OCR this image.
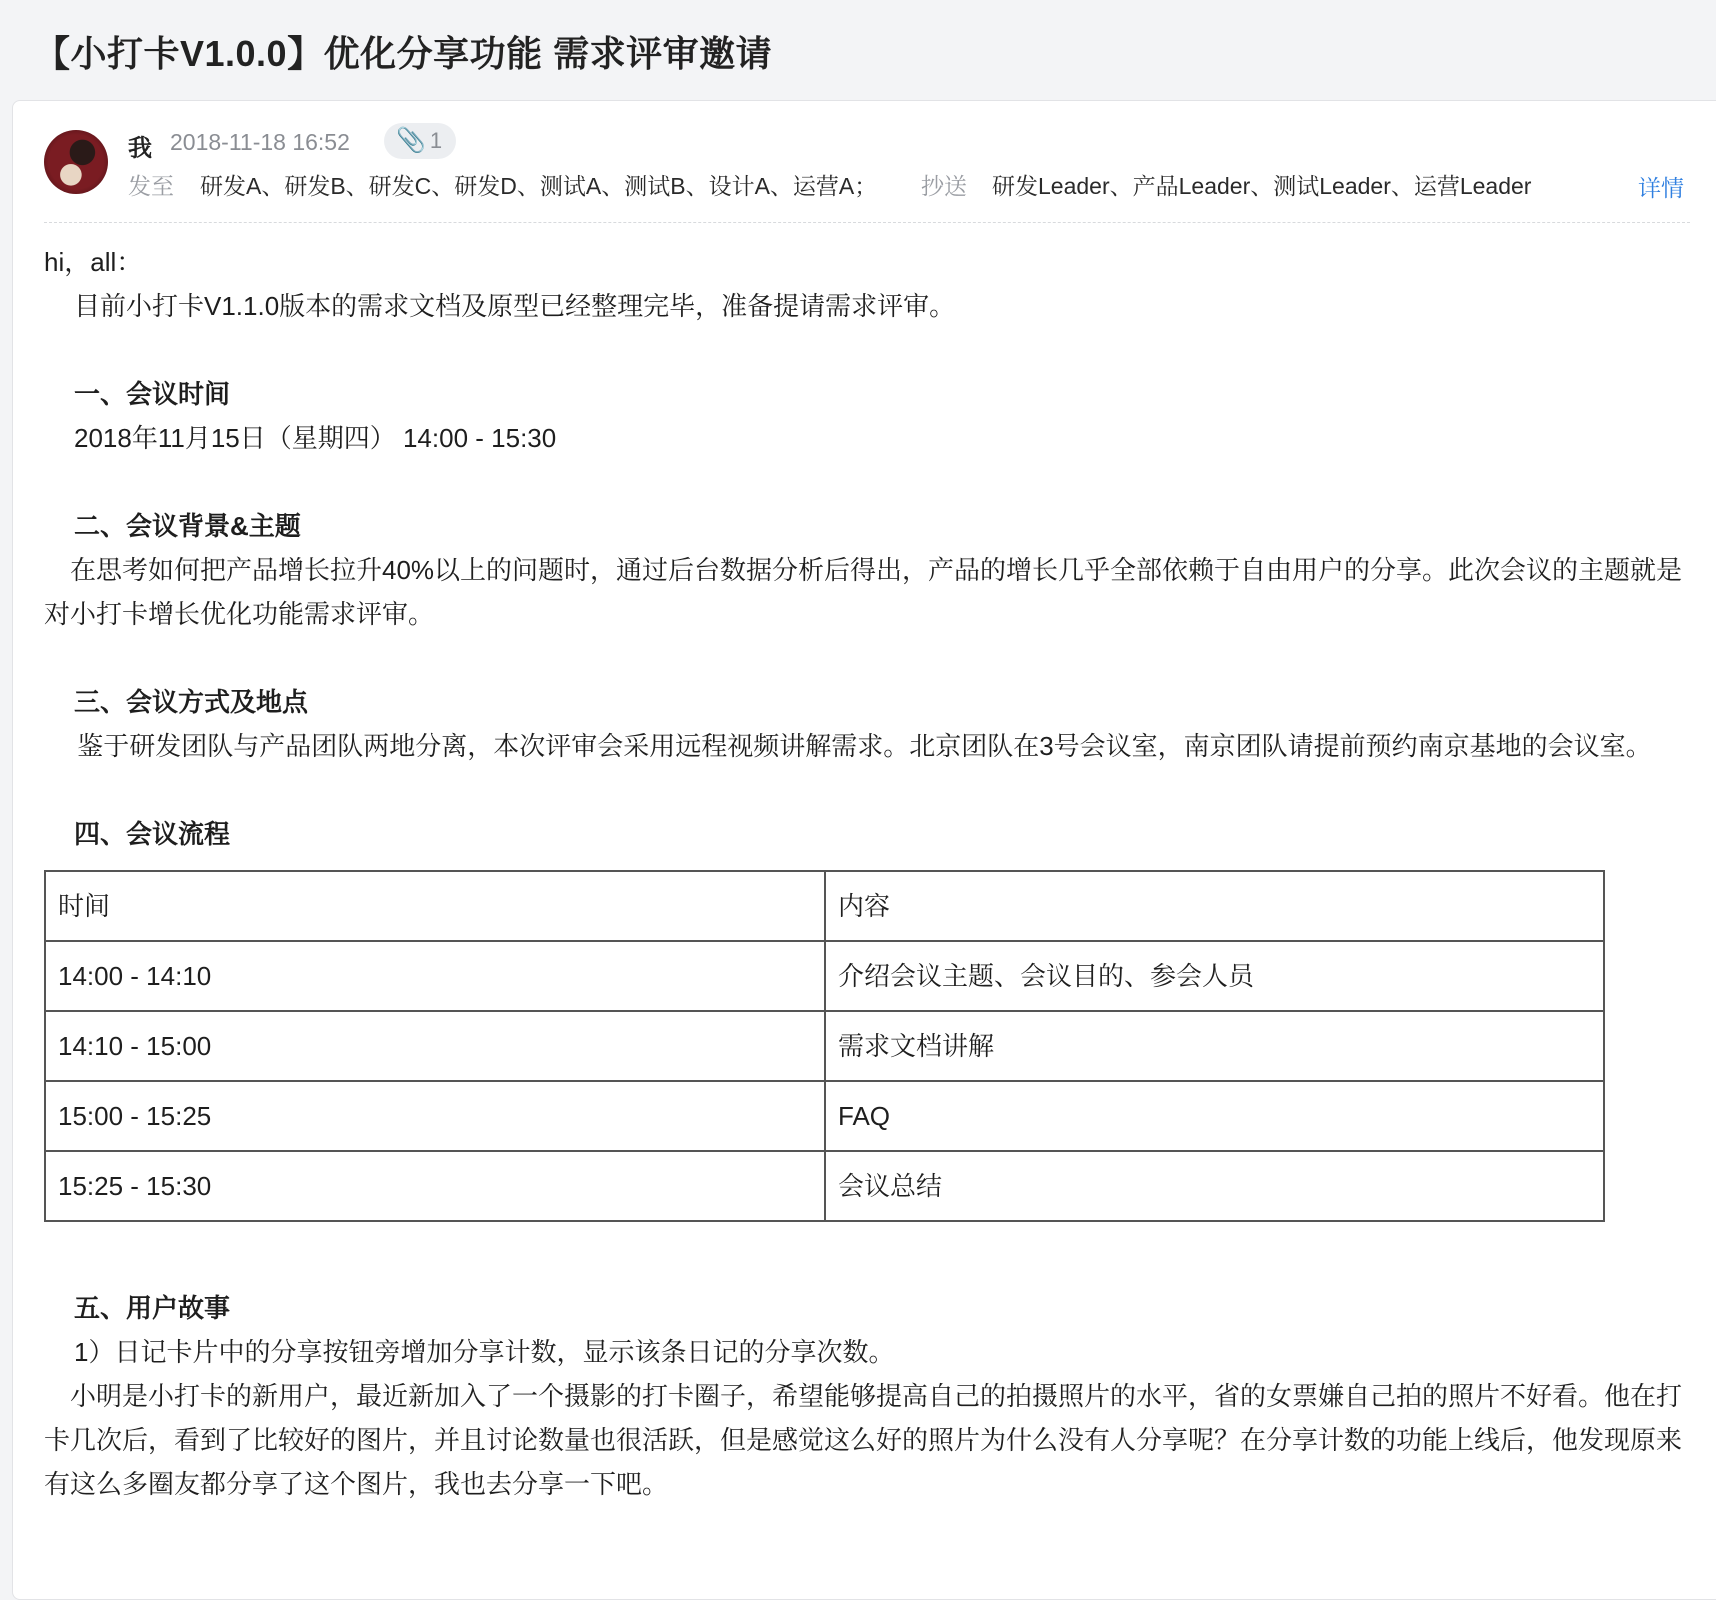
【小打卡V1.0.0】优化分享功能 需求评审邀请
我 2018-11-18 16:52 📎 1
发至 研发A、研发B、研发C、研发D、测试A、测试B、设计A、运营A； 抄送 研发Leader、产品Leader、测试Leader、运营Leader	详情

hi，all：

目前小打卡V1.1.0版本的需求文档及原型已经整理完毕，准备提请需求评审。

一、会议时间

2018年11月15日（星期四） 14:00 - 15:30

二、会议背景&主题

　在思考如何把产品增长拉升40%以上的问题时，通过后台数据分析后得出，产品的增长几乎全部依赖于自由用户的分享。此次会议的主题就是对小打卡增长优化功能需求评审。

三、会议方式及地点

　 鉴于研发团队与产品团队两地分离，本次评审会采用远程视频讲解需求。北京团队在3号会议室，南京团队请提前预约南京基地的会议室。

四、会议流程

时间	内容
14:00 - 14:10	介绍会议主题、会议目的、参会人员
14:10 - 15:00	需求文档讲解
15:00 - 15:25	FAQ
15:25 - 15:30	会议总结

五、用户故事

1）日记卡片中的分享按钮旁增加分享计数，显示该条日记的分享次数。

　小明是小打卡的新用户，最近新加入了一个摄影的打卡圈子，希望能够提高自己的拍摄照片的水平，省的女票嫌自己拍的照片不好看。他在打卡几次后，看到了比较好的图片，并且讨论数量也很活跃，但是感觉这么好的照片为什么没有人分享呢？在分享计数的功能上线后，他发现原来有这么多圈友都分享了这个图片，我也去分享一下吧。
